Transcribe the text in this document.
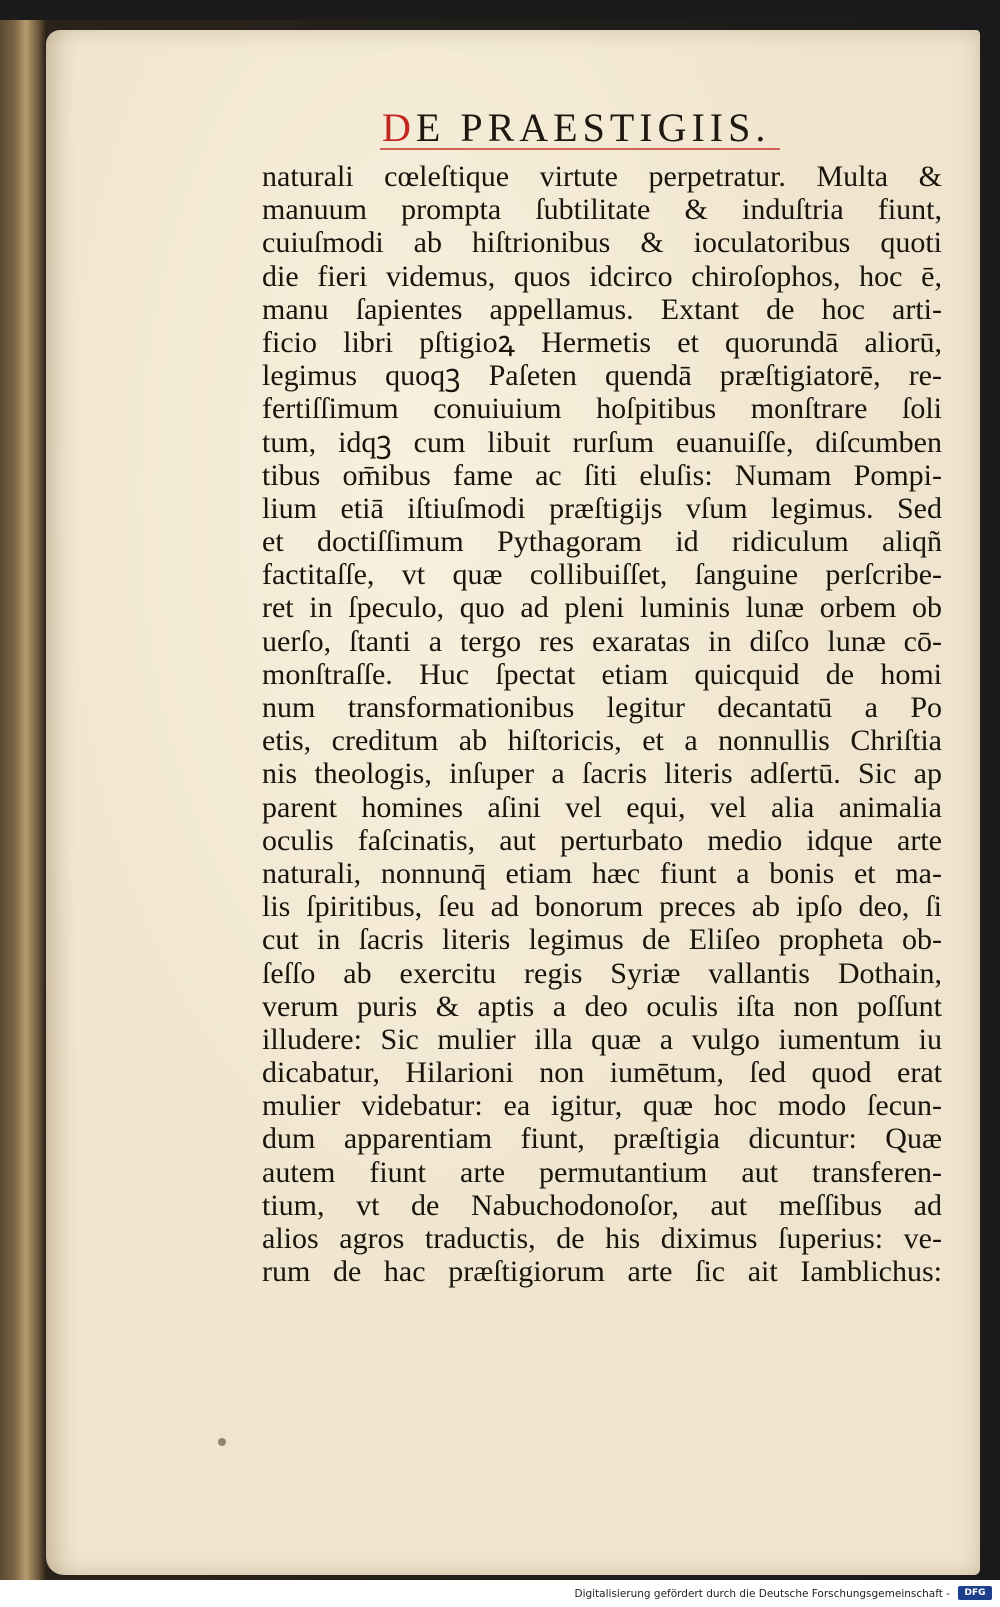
DE PRAESTIGIIS.
naturali cœleſtique virtute perpetratur. Multa &
manuum prompta ſubtilitate & induſtria fiunt,
cuiuſmodi ab hiſtrionibus & ioculatoribus quoti
die fieri videmus, quos idcirco chiroſophos, hoc ē,
manu ſapientes appellamus. Extant de hoc arti-
ficio libri pſtigioꝝ Hermetis et quorundā aliorū,
legimus quoqꝫ Paſeten quendā præſtigiatorē, re-
fertiſſimum conuiuium hoſpitibus monſtrare ſoli
tum, idqꝫ cum libuit rurſum euanuiſſe, diſcumben
tibus om̄ibus fame ac ſiti eluſis: Numam Pompi-
lium etiā iſtiuſmodi præſtigijs vſum legimus. Sed
et doctiſſimum Pythagoram id ridiculum aliqñ
factitaſſe, vt quæ collibuiſſet, ſanguine perſcribe-
ret in ſpeculo, quo ad pleni luminis lunæ orbem ob
uerſo, ſtanti a tergo res exaratas in diſco lunæ cō-
monſtraſſe. Huc ſpectat etiam quicquid de homi
num transformationibus legitur decantatū a Po
etis, creditum ab hiſtoricis, et a nonnullis Chriſtia
nis theologis, inſuper a ſacris literis adſertū. Sic ap
parent homines aſini vel equi, vel alia animalia
oculis faſcinatis, aut perturbato medio idque arte
naturali, nonnunq̄ etiam hæc fiunt a bonis et ma-
lis ſpiritibus, ſeu ad bonorum preces ab ipſo deo, ſi
cut in ſacris literis legimus de Eliſeo propheta ob-
ſeſſo ab exercitu regis Syriæ vallantis Dothain,
verum puris & aptis a deo oculis iſta non poſſunt
illudere: Sic mulier illa quæ a vulgo iumentum iu
dicabatur, Hilarioni non iumētum, ſed quod erat
mulier videbatur: ea igitur, quæ hoc modo ſecun-
dum apparentiam fiunt, præſtigia dicuntur: Quæ
autem fiunt arte permutantium aut transferen-
tium, vt de Nabuchodonoſor, aut meſſibus ad
alios agros traductis, de his diximus ſuperius: ve-
rum de hac præſtigiorum arte ſic ait Iamblichus:
Digitalisierung gefördert durch die Deutsche Forschungsgemeinschaft -	DFG
